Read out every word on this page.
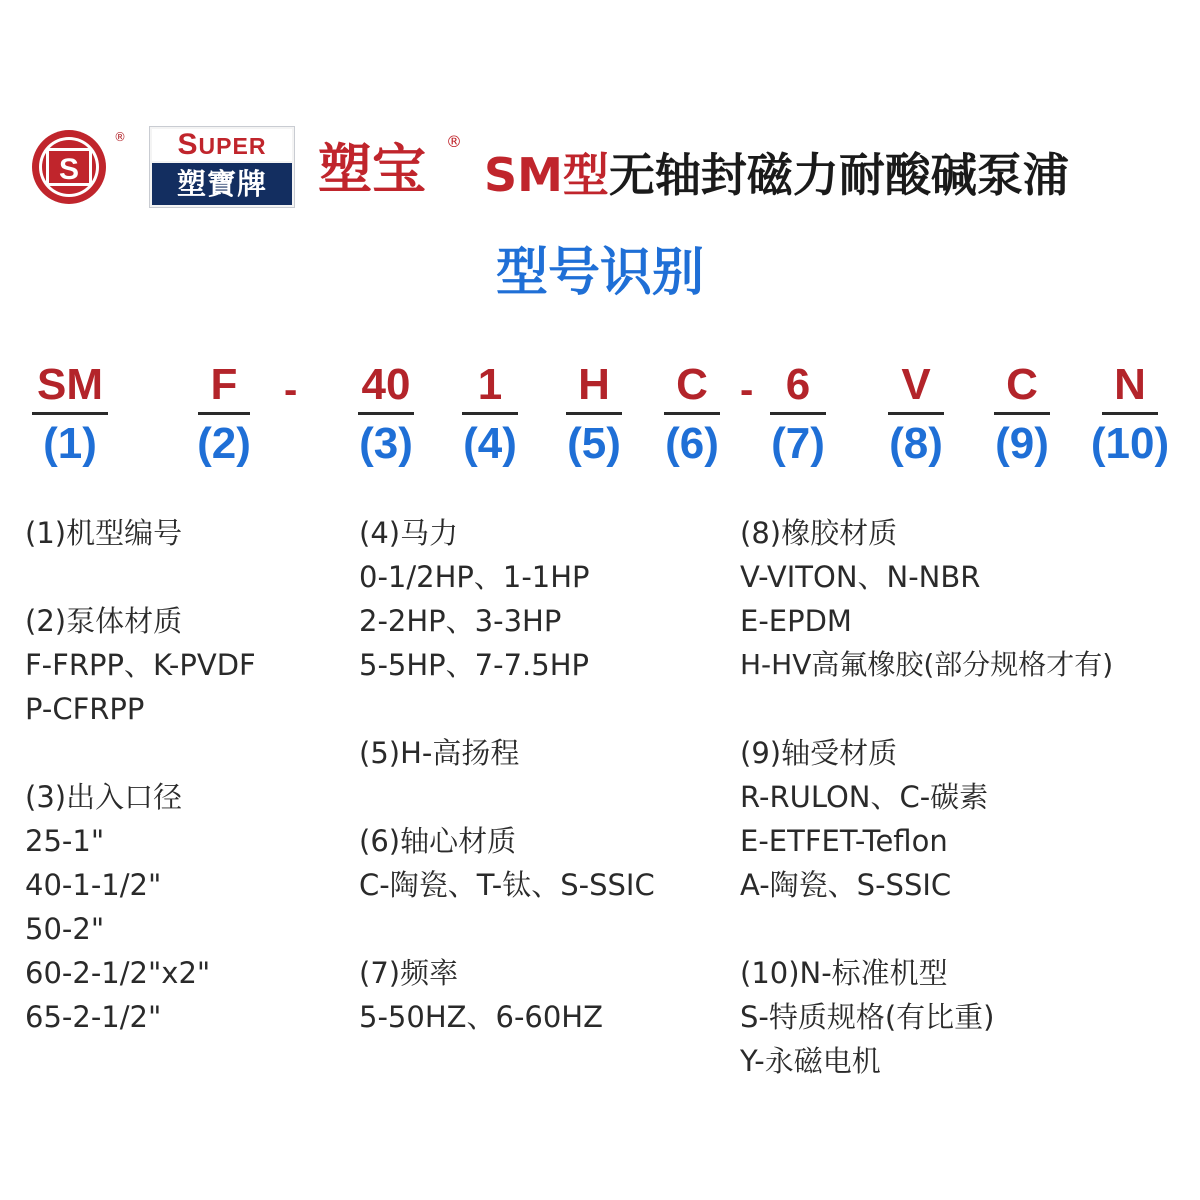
S
®	SUPER
塑寶牌 塑宝 ®
SM型无轴封磁力耐酸碱泵浦
型号识别
SM
(1)
F
(2)
40
(3)
1
(4)
H
(5)
C
(6)
6
(7)
V
(8)
C
(9)
N
(10)
-	-
(1)机型编号
(2)泵体材质
F-FRPP、K-PVDF
P-CFRPP
(3)出入口径
25-1"
40-1-1/2"
50-2"
60-2-1/2"x2"
65-2-1/2"
(4)马力
0-1/2HP、1-1HP
2-2HP、3-3HP
5-5HP、7-7.5HP
(5)H-高扬程
(6)轴心材质
C-陶瓷、T-钛、S-SSIC
(7)频率
5-50HZ、6-60HZ
(8)橡胶材质
V-VITON、N-NBR
E-EPDM
H-HV高氟橡胶(部分规格才有)
(9)轴受材质
R-RULON、C-碳素
E-ETFET-Teflon
A-陶瓷、S-SSIC
(10)N-标准机型
S-特质规格(有比重)
Y-永磁电机
